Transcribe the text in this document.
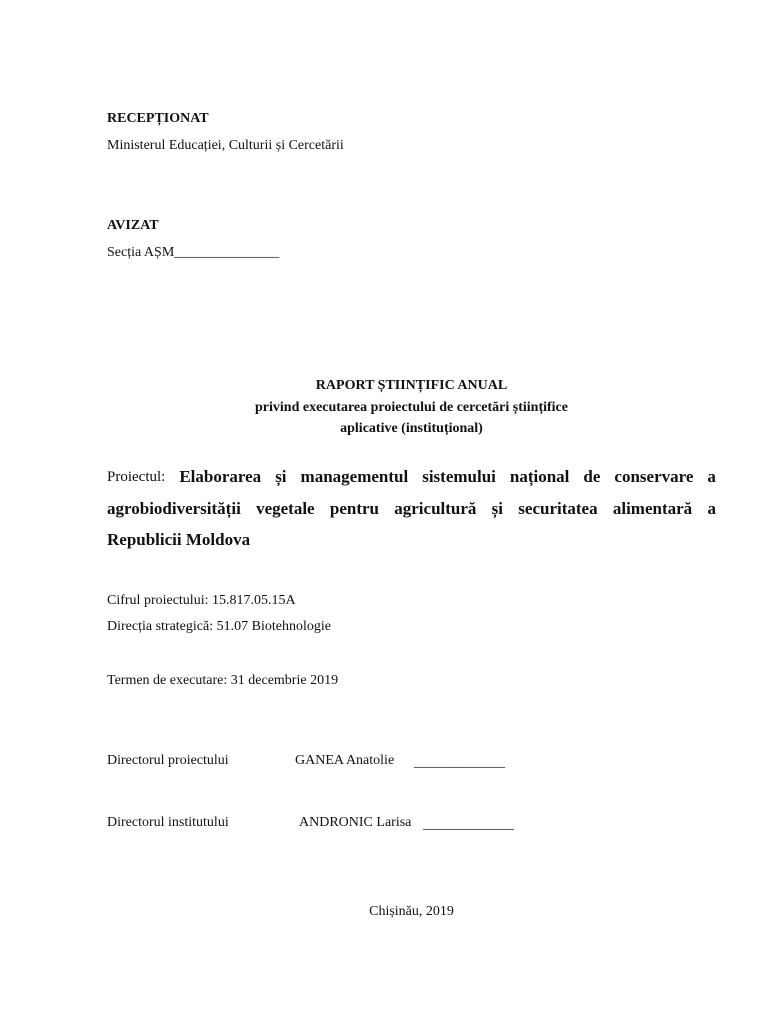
RECEPȚIONAT
Ministerul Educației, Culturii și Cercetării
AVIZAT
Secția AȘM_______________
RAPORT ȘTIINȚIFIC ANUAL
privind executarea proiectului de cercetări științifice
aplicative (instituțional)
Proiectul: Elaborarea și managementul sistemului național de conservare a
agrobiodiversității vegetale pentru agricultură și securitatea alimentară a
Republicii Moldova
Cifrul proiectului: 15.817.05.15A
Direcția strategică: 51.07 Biotehnologie
Termen de executare: 31 decembrie 2019
Directorul proiectului	GANEA Anatolie _____________
Directorul institutului	ANDRONIC Larisa _____________
Chișinău, 2019
